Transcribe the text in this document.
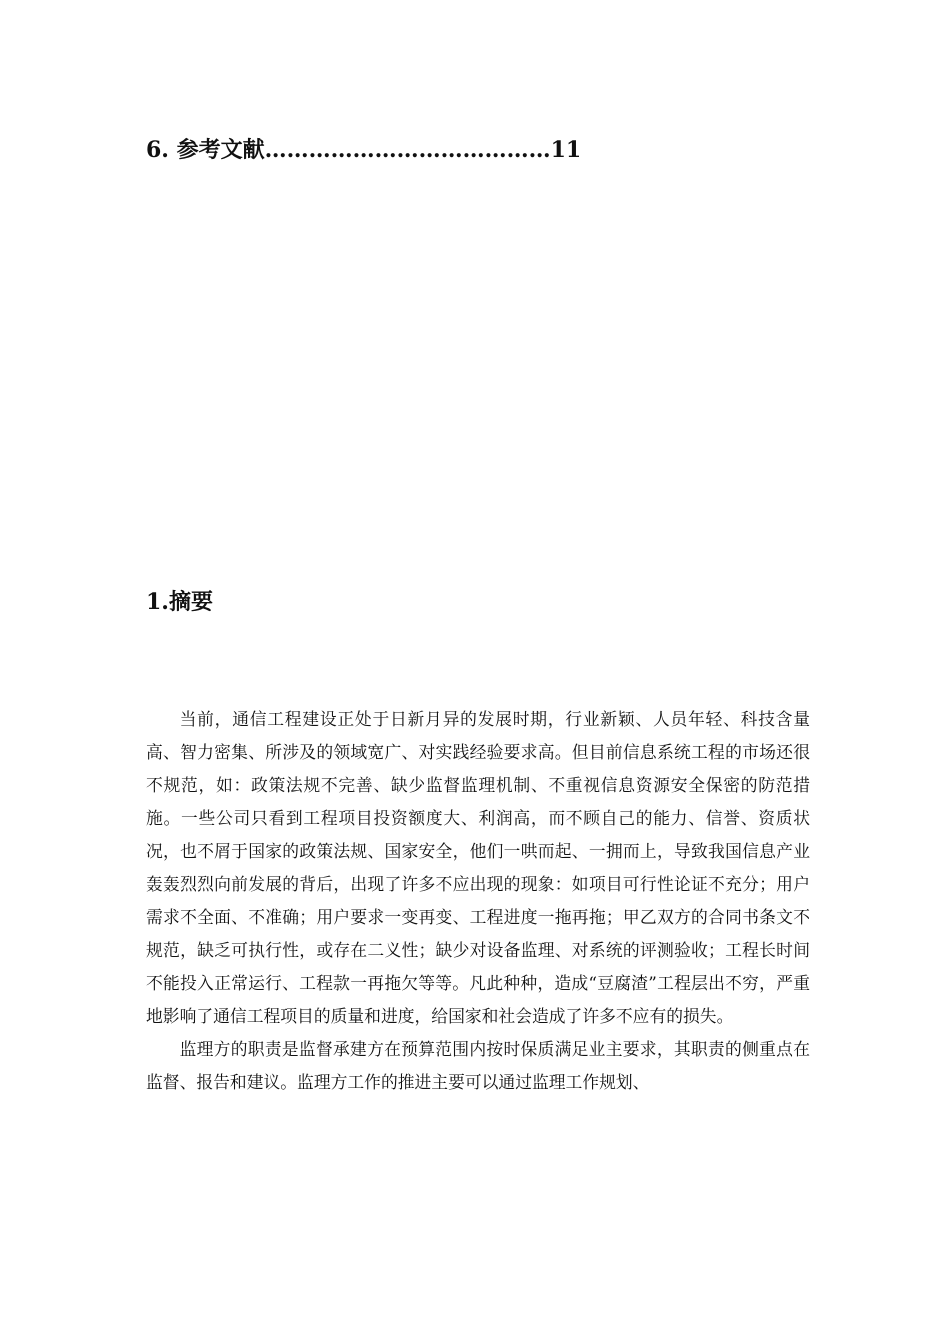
6. 参考文献…………………………………11
1.摘要

当前，通信工程建设正处于日新月异的发展时期，行业新颖、人员年轻、科技含量高、智力密集、所涉及的领域宽广、对实践经验要求高。但目前信息系统工程的市场还很不规范，如：政策法规不完善、缺少监督监理机制、不重视信息资源安全保密的防范措施。一些公司只看到工程项目投资额度大、利润高，而不顾自己的能力、信誉、资质状况，也不屑于国家的政策法规、国家安全，他们一哄而起、一拥而上，导致我国信息产业轰轰烈烈向前发展的背后，出现了许多不应出现的现象：如项目可行性论证不充分；用户需求不全面、不准确；用户要求一变再变、工程进度一拖再拖；甲乙双方的合同书条文不规范，缺乏可执行性，或存在二义性；缺少对设备监理、对系统的评测验收；工程长时间不能投入正常运行、工程款一再拖欠等等。凡此种种，造成“豆腐渣”工程层出不穷，严重地影响了通信工程项目的质量和进度，给国家和社会造成了许多不应有的损失。

监理方的职责是监督承建方在预算范围内按时保质满足业主要求，其职责的侧重点在监督、报告和建议。监理方工作的推进主要可以通过监理工作规划、
